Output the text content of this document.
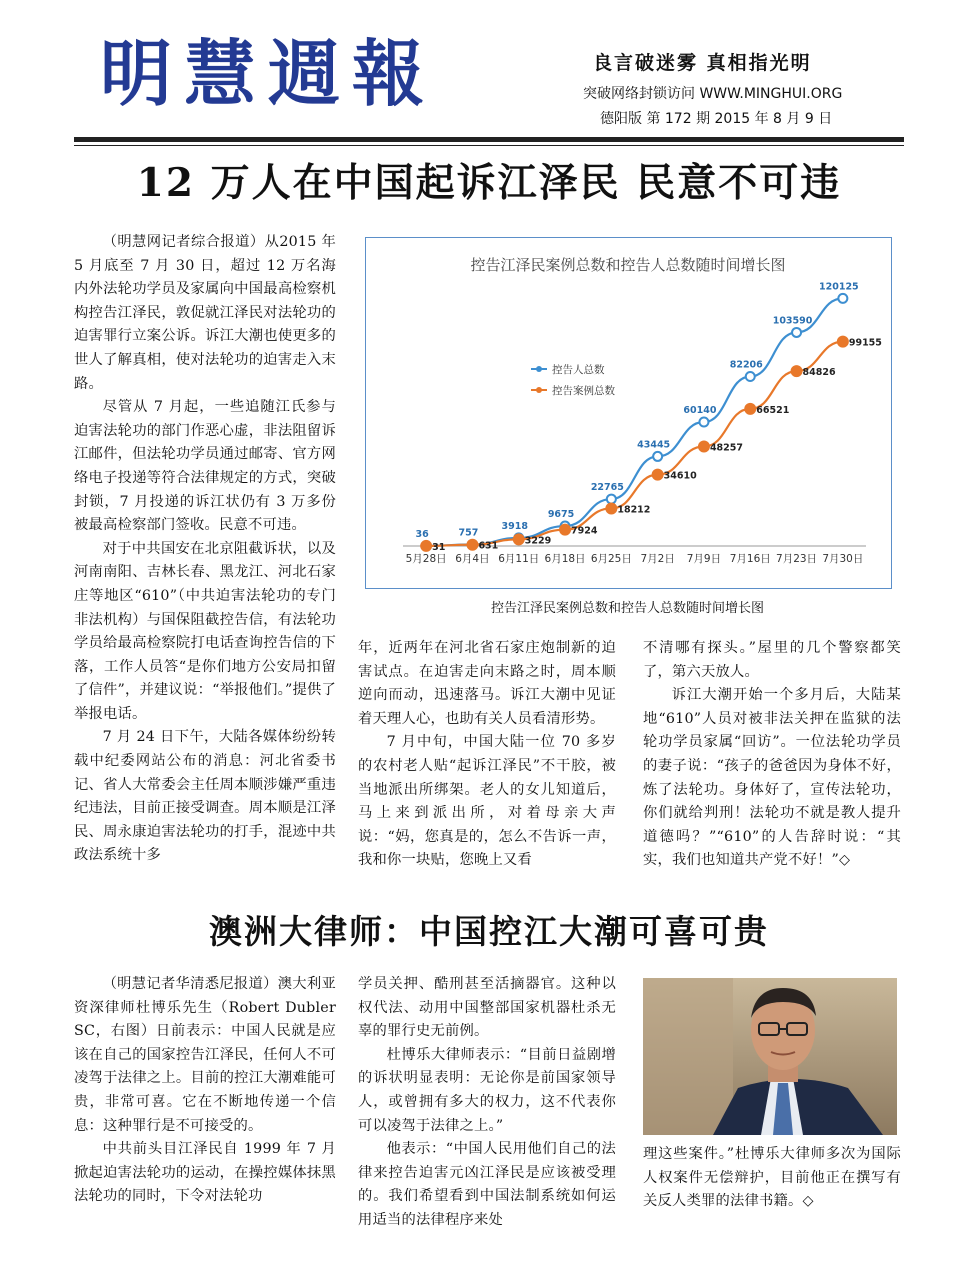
明慧週報	良言破迷雾 真相指光明
突破网络封锁访问 WWW.MINGHUI.ORG
德阳版 第 172 期 2015 年 8 月 9 日
12 万人在中国起诉江泽民 民意不可违

（明慧网记者综合报道）从2015 年 5 月底至 7 月 30 日，超过 12 万名海内外法轮功学员及家属向中国最高检察机构控告江泽民，敦促就江泽民对法轮功的迫害罪行立案公诉。诉江大潮也使更多的世人了解真相，使对法轮功的迫害走入末路。

尽管从 7 月起，一些追随江氏参与迫害法轮功的部门作恶心虚，非法阻留诉江邮件，但法轮功学员通过邮寄、官方网络电子投递等符合法律规定的方式，突破封锁，7 月投递的诉江状仍有 3 万多份被最高检察部门签收。民意不可违。

对于中共国安在北京阻截诉状，以及河南南阳、吉林长春、黑龙江、河北石家庄等地区“610”（中共迫害法轮功的专门非法机构）与国保阻截控告信，有法轮功学员给最高检察院打电话查询控告信的下落，工作人员答“是你们地方公安局扣留了信件”，并建议说：“举报他们。”提供了举报电话。

7 月 24 日下午，大陆各媒体纷纷转载中纪委网站公布的消息：河北省委书记、省人大常委会主任周本顺涉嫌严重违纪违法，目前正接受调查。周本顺是江泽民、周永康迫害法轮功的打手，混迹中共政法系统十多

控告江泽民案例总数和控告人总数随时间增长图
5月28日 6月4日 6月11日 6月18日 6月25日 7月2日 7月9日 7月16日 7月23日 7月30日
36	757
3918
9675
22765
43445
60140
82206
103590
120125
31	631	3229
7924
18212
34610
48257
66521
84826
99155
控告人总数
控告案例总数
控告江泽民案例总数和控告人总数随时间增长图

年，近两年在河北省石家庄炮制新的迫害试点。在迫害走向末路之时，周本顺逆向而动，迅速落马。诉江大潮中见证着天理人心，也助有关人员看清形势。

7 月中旬，中国大陆一位 70 多岁的农村老人贴“起诉江泽民”不干胶，被当地派出所绑架。老人的女儿知道后，马上来到派出所，对着母亲大声说：“妈，您真是的，怎么不告诉一声，我和你一块贴，您晚上又看

不清哪有探头。”屋里的几个警察都笑了，第六天放人。

诉江大潮开始一个多月后，大陆某地“610”人员对被非法关押在监狱的法轮功学员家属“回访”。一位法轮功学员的妻子说：“孩子的爸爸因为身体不好，炼了法轮功。身体好了，宣传法轮功，你们就给判刑！法轮功不就是教人提升道德吗？”“610”的人告辞时说：“其实，我们也知道共产党不好！”◇

澳洲大律师：中国控江大潮可喜可贵

（明慧记者华清悉尼报道）澳大利亚资深律师杜博乐先生（Robert Dubler SC，右图）日前表示：中国人民就是应该在自己的国家控告江泽民，任何人不可凌驾于法律之上。目前的控江大潮难能可贵，非常可喜。它在不断地传递一个信息：这种罪行是不可接受的。

中共前头目江泽民自 1999 年 7 月掀起迫害法轮功的运动，在操控媒体抹黑法轮功的同时，下令对法轮功

学员关押、酷刑甚至活摘器官。这种以权代法、动用中国整部国家机器杜杀无辜的罪行史无前例。

杜博乐大律师表示：“目前日益剧增的诉状明显表明：无论你是前国家领导人，或曾拥有多大的权力，这不代表你可以凌驾于法律之上。”

他表示：“中国人民用他们自己的法律来控告迫害元凶江泽民是应该被受理的。我们希望看到中国法制系统如何运用适当的法律程序来处

理这些案件。”杜博乐大律师多次为国际人权案件无偿辩护，目前他正在撰写有关反人类罪的法律书籍。◇
